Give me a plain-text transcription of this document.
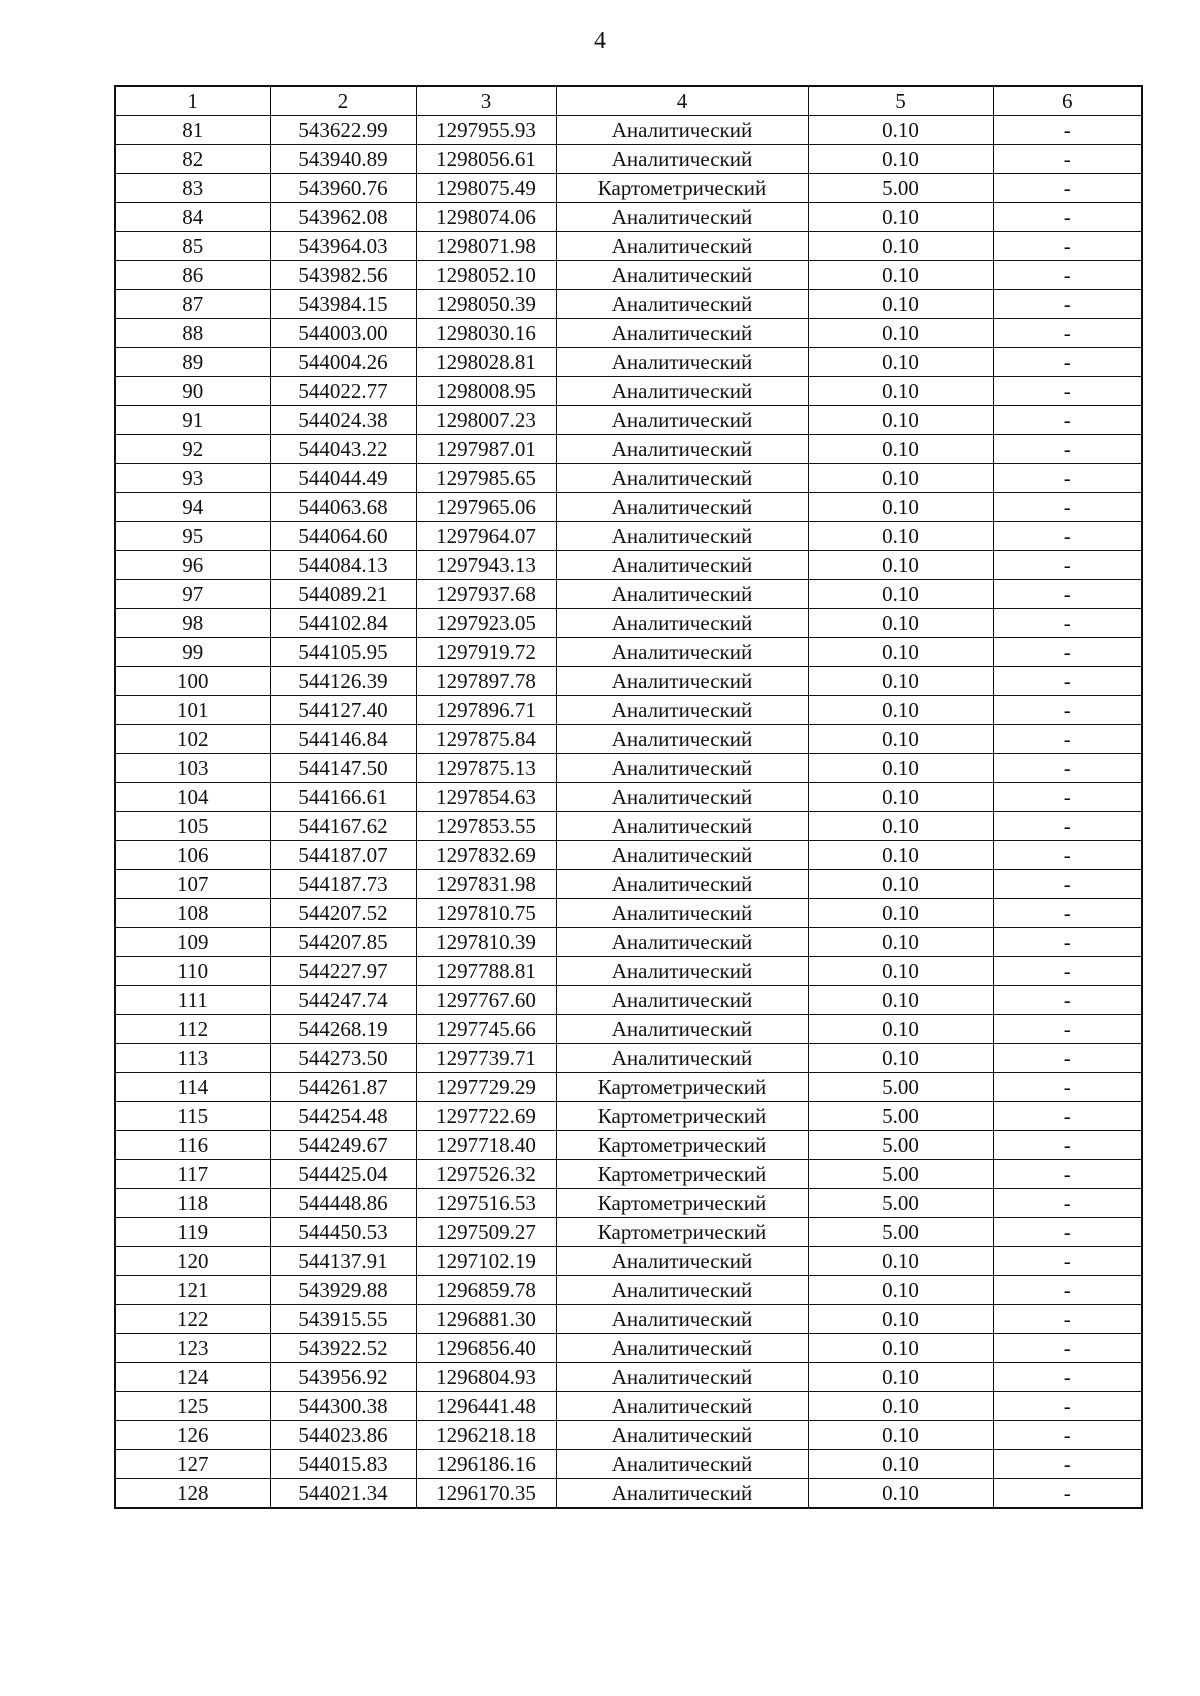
4
1	2	3	4	5	6
81	543622.99	1297955.93	Аналитический	0.10	-
82	543940.89	1298056.61	Аналитический	0.10	-
83	543960.76	1298075.49	Картометрический	5.00	-
84	543962.08	1298074.06	Аналитический	0.10	-
85	543964.03	1298071.98	Аналитический	0.10	-
86	543982.56	1298052.10	Аналитический	0.10	-
87	543984.15	1298050.39	Аналитический	0.10	-
88	544003.00	1298030.16	Аналитический	0.10	-
89	544004.26	1298028.81	Аналитический	0.10	-
90	544022.77	1298008.95	Аналитический	0.10	-
91	544024.38	1298007.23	Аналитический	0.10	-
92	544043.22	1297987.01	Аналитический	0.10	-
93	544044.49	1297985.65	Аналитический	0.10	-
94	544063.68	1297965.06	Аналитический	0.10	-
95	544064.60	1297964.07	Аналитический	0.10	-
96	544084.13	1297943.13	Аналитический	0.10	-
97	544089.21	1297937.68	Аналитический	0.10	-
98	544102.84	1297923.05	Аналитический	0.10	-
99	544105.95	1297919.72	Аналитический	0.10	-
100	544126.39	1297897.78	Аналитический	0.10	-
101	544127.40	1297896.71	Аналитический	0.10	-
102	544146.84	1297875.84	Аналитический	0.10	-
103	544147.50	1297875.13	Аналитический	0.10	-
104	544166.61	1297854.63	Аналитический	0.10	-
105	544167.62	1297853.55	Аналитический	0.10	-
106	544187.07	1297832.69	Аналитический	0.10	-
107	544187.73	1297831.98	Аналитический	0.10	-
108	544207.52	1297810.75	Аналитический	0.10	-
109	544207.85	1297810.39	Аналитический	0.10	-
110	544227.97	1297788.81	Аналитический	0.10	-
111	544247.74	1297767.60	Аналитический	0.10	-
112	544268.19	1297745.66	Аналитический	0.10	-
113	544273.50	1297739.71	Аналитический	0.10	-
114	544261.87	1297729.29	Картометрический	5.00	-
115	544254.48	1297722.69	Картометрический	5.00	-
116	544249.67	1297718.40	Картометрический	5.00	-
117	544425.04	1297526.32	Картометрический	5.00	-
118	544448.86	1297516.53	Картометрический	5.00	-
119	544450.53	1297509.27	Картометрический	5.00	-
120	544137.91	1297102.19	Аналитический	0.10	-
121	543929.88	1296859.78	Аналитический	0.10	-
122	543915.55	1296881.30	Аналитический	0.10	-
123	543922.52	1296856.40	Аналитический	0.10	-
124	543956.92	1296804.93	Аналитический	0.10	-
125	544300.38	1296441.48	Аналитический	0.10	-
126	544023.86	1296218.18	Аналитический	0.10	-
127	544015.83	1296186.16	Аналитический	0.10	-
128	544021.34	1296170.35	Аналитический	0.10	-
